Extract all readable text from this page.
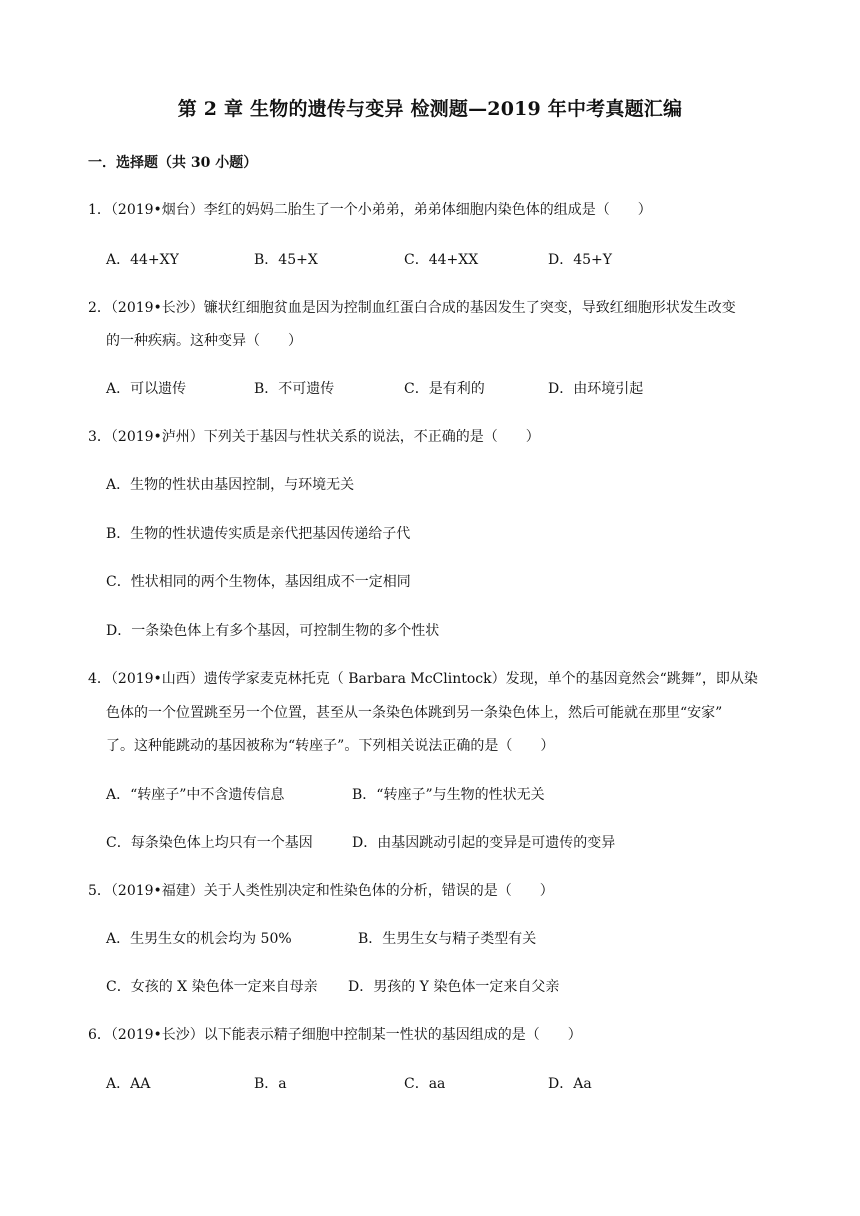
第 2 章 生物的遗传与变异 检测题—2019 年中考真题汇编
一．选择题（共 30 小题）
1．（2019•烟台）李红的妈妈二胎生了一个小弟弟，弟弟体细胞内染色体的组成是（　　）
A．44+XY	B．45+X	C．44+XX	D．45+Y
2．（2019•长沙）镰状红细胞贫血是因为控制血红蛋白合成的基因发生了突变，导致红细胞形状发生改变
的一种疾病。这种变异（　　）
A．可以遗传	B．不可遗传	C．是有利的	D．由环境引起
3．（2019•泸州）下列关于基因与性状关系的说法，不正确的是（　　）
A．生物的性状由基因控制，与环境无关
B．生物的性状遗传实质是亲代把基因传递给子代
C．性状相同的两个生物体，基因组成不一定相同
D．一条染色体上有多个基因，可控制生物的多个性状
4．（2019•山西）遗传学家麦克林托克（ Barbara McClintock）发现，单个的基因竟然会“跳舞”，即从染
色体的一个位置跳至另一个位置，甚至从一条染色体跳到另一条染色体上，然后可能就在那里“安家”
了。这种能跳动的基因被称为“转座子”。下列相关说法正确的是（　　）
A．“转座子”中不含遗传信息	B．“转座子”与生物的性状无关
C．每条染色体上均只有一个基因	D．由基因跳动引起的变异是可遗传的变异
5．（2019•福建）关于人类性别决定和性染色体的分析，错误的是（　　）
A．生男生女的机会均为 50%	B．生男生女与精子类型有关
C．女孩的 X 染色体一定来自母亲 D．男孩的 Y 染色体一定来自父亲
6．（2019•长沙）以下能表示精子细胞中控制某一性状的基因组成的是（　　）
A．AA	B．a	C．aa	D．Aa
